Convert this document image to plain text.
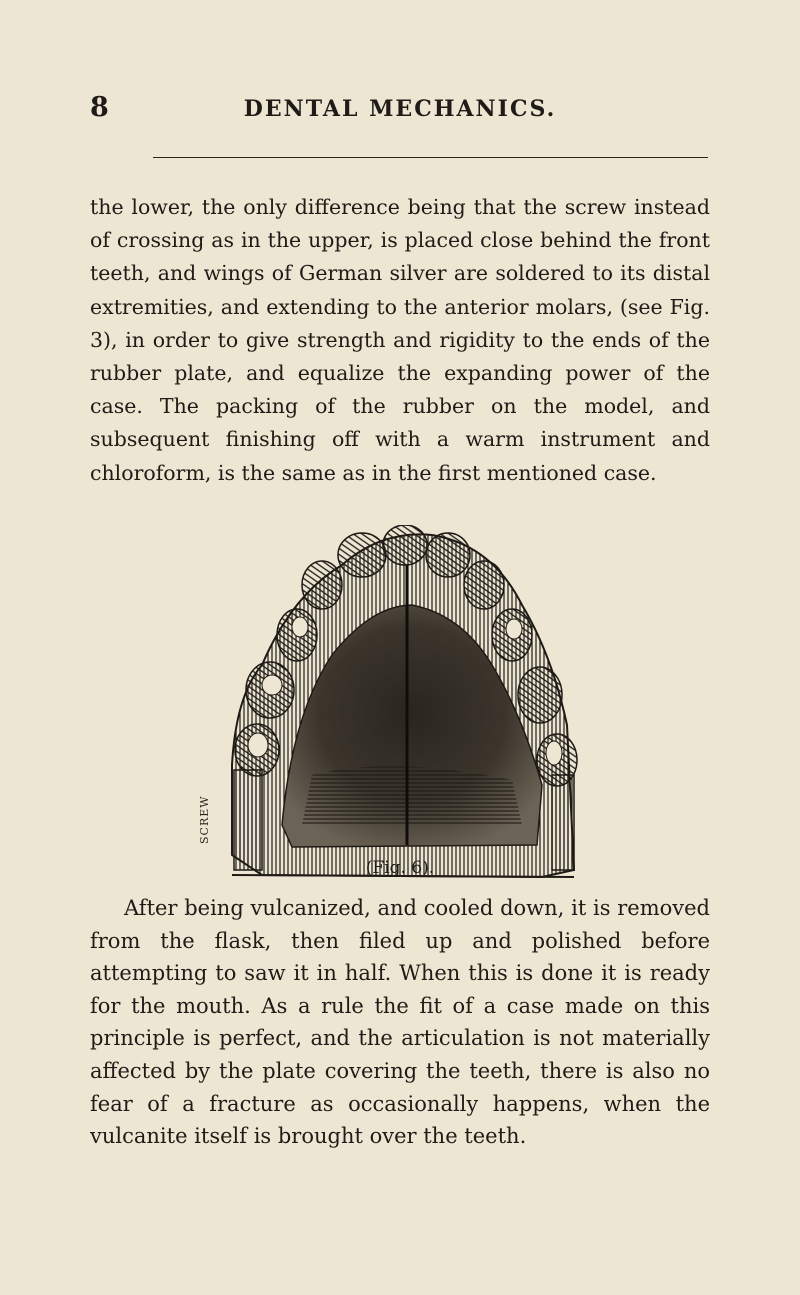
8	DENTAL MECHANICS.

the lower, the only difference being that the screw instead of crossing as in the upper, is placed close behind the front teeth, and wings of German silver are soldered to its distal extremities, and extending to the anterior molars, (see Fig. 3), in order to give strength and rigidity to the ends of the rubber plate, and equalize the expanding power of the case. The packing of the rubber on the model, and subsequent finishing off with a warm instrument and chloroform, is the same as in the first mentioned case.

SCREW
(Fig. 6).

After being vulcanized, and cooled down, it is removed from the flask, then filed up and polished before attempting to saw it in half. When this is done it is ready for the mouth. As a rule the fit of a case made on this principle is perfect, and the articulation is not materially affected by the plate covering the teeth, there is also no fear of a fracture as occasionally happens, when the vulcanite itself is brought over the teeth.
